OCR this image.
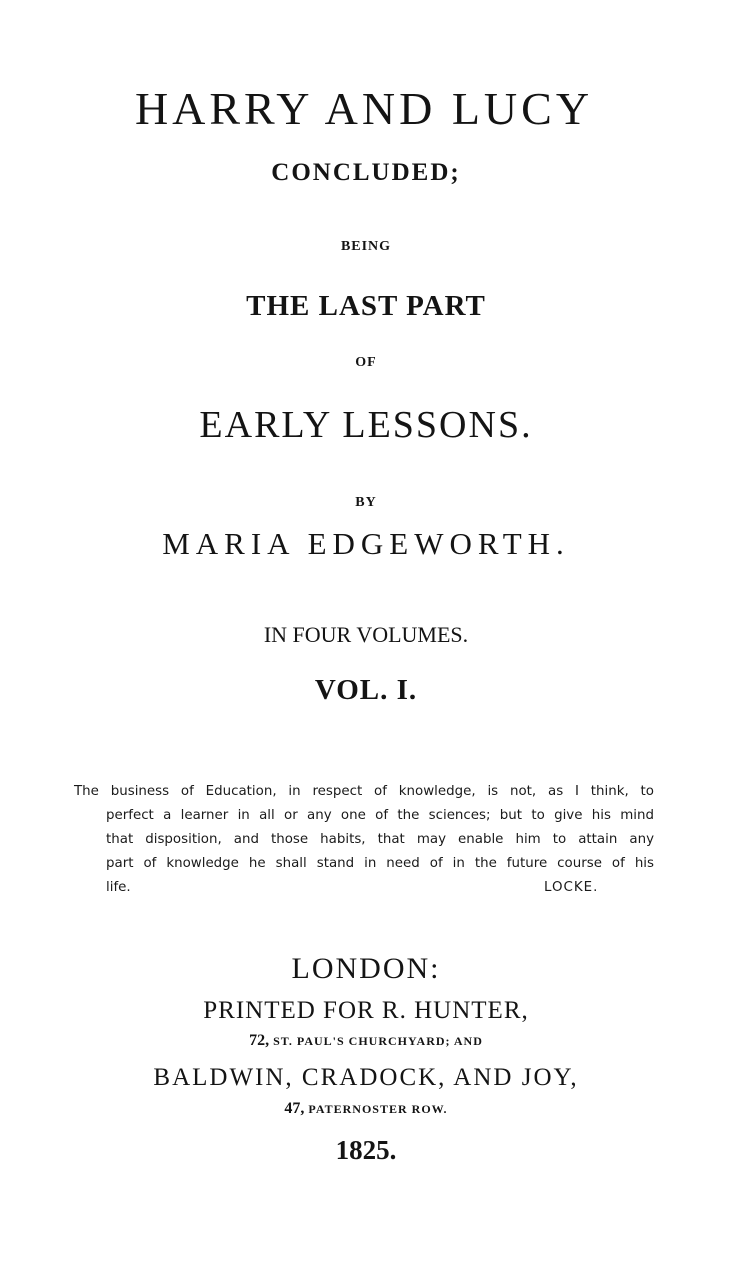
HARRY AND LUCY
CONCLUDED;
BEING
THE LAST PART
OF
EARLY LESSONS.
BY
MARIA EDGEWORTH.
IN FOUR VOLUMES.
VOL. I.
The business of Education, in respect of knowledge, is not, as I think, to
perfect a learner in all or any one of the sciences; but to give his mind
that disposition, and those habits, that may enable him to attain any
part of knowledge he shall stand in need of in the future course of his
life.	LOCKE.
LONDON:
PRINTED FOR R. HUNTER,
72, ST. PAUL'S CHURCHYARD; AND
BALDWIN, CRADOCK, AND JOY,
47, PATERNOSTER ROW.
1825.
